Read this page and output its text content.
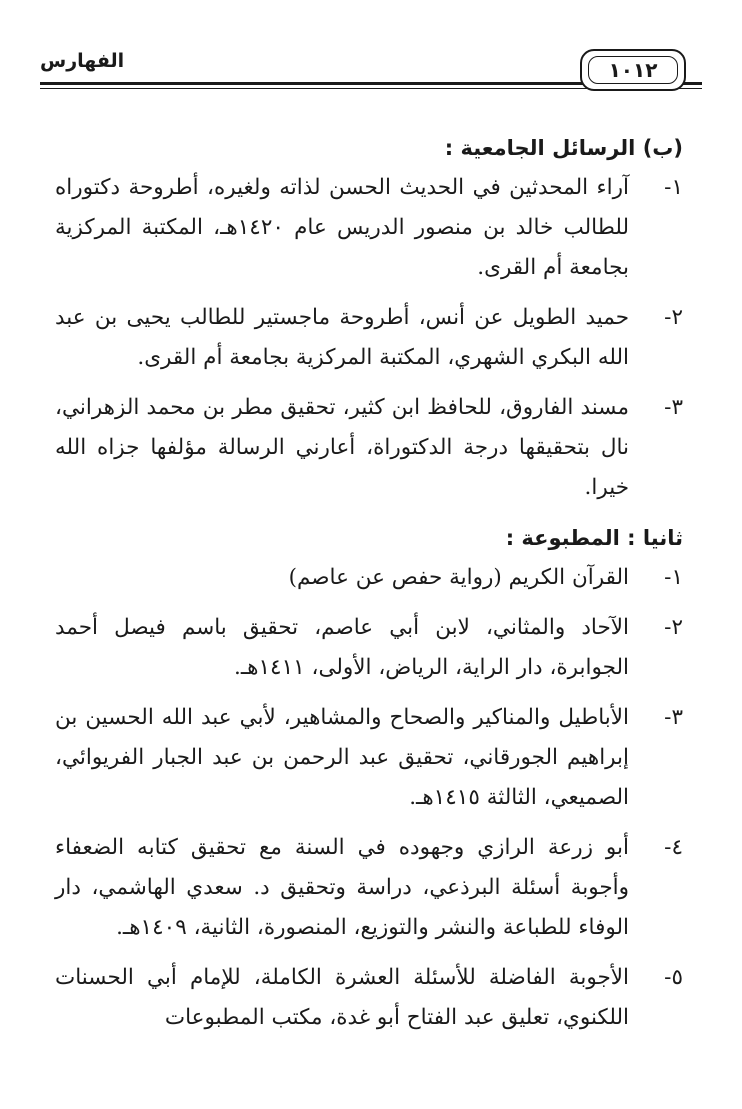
الفهارس	١٠١٢
(ب) الرسائل الجامعية :
١-
آراء المحدثين في الحديث الحسن لذاته ولغيره، أطروحة دكتوراه للطالب خالد بن منصور الدريس عام ١٤٢٠هـ، المكتبة المركزية بجامعة أم القرى.
٢-
حميد الطويل عن أنس، أطروحة ماجستير للطالب يحيى بن عبد الله البكري الشهري، المكتبة المركزية بجامعة أم القرى.
٣-
مسند الفاروق، للحافظ ابن كثير، تحقيق مطر بن محمد الزهراني، نال بتحقيقها درجة الدكتوراة، أعارني الرسالة مؤلفها جزاه الله خيرا.
ثانيا : المطبوعة :
١-
القرآن الكريم (رواية حفص عن عاصم)
٢-
الآحاد والمثاني، لابن أبي عاصم، تحقيق باسم فيصل أحمد الجوابرة، دار الراية، الرياض، الأولى، ١٤١١هـ.
٣-
الأباطيل والمناكير والصحاح والمشاهير، لأبي عبد الله الحسين بن إبراهيم الجورقاني، تحقيق عبد الرحمن بن عبد الجبار الفريوائي، الصميعي، الثالثة ١٤١٥هـ.
٤-
أبو زرعة الرازي وجهوده في السنة مع تحقيق كتابه الضعفاء وأجوبة أسئلة البرذعي، دراسة وتحقيق د. سعدي الهاشمي، دار الوفاء للطباعة والنشر والتوزيع، المنصورة، الثانية، ١٤٠٩هـ.
٥-
الأجوبة الفاضلة للأسئلة العشرة الكاملة، للإمام أبي الحسنات اللكنوي، تعليق عبد الفتاح أبو غدة، مكتب المطبوعات
